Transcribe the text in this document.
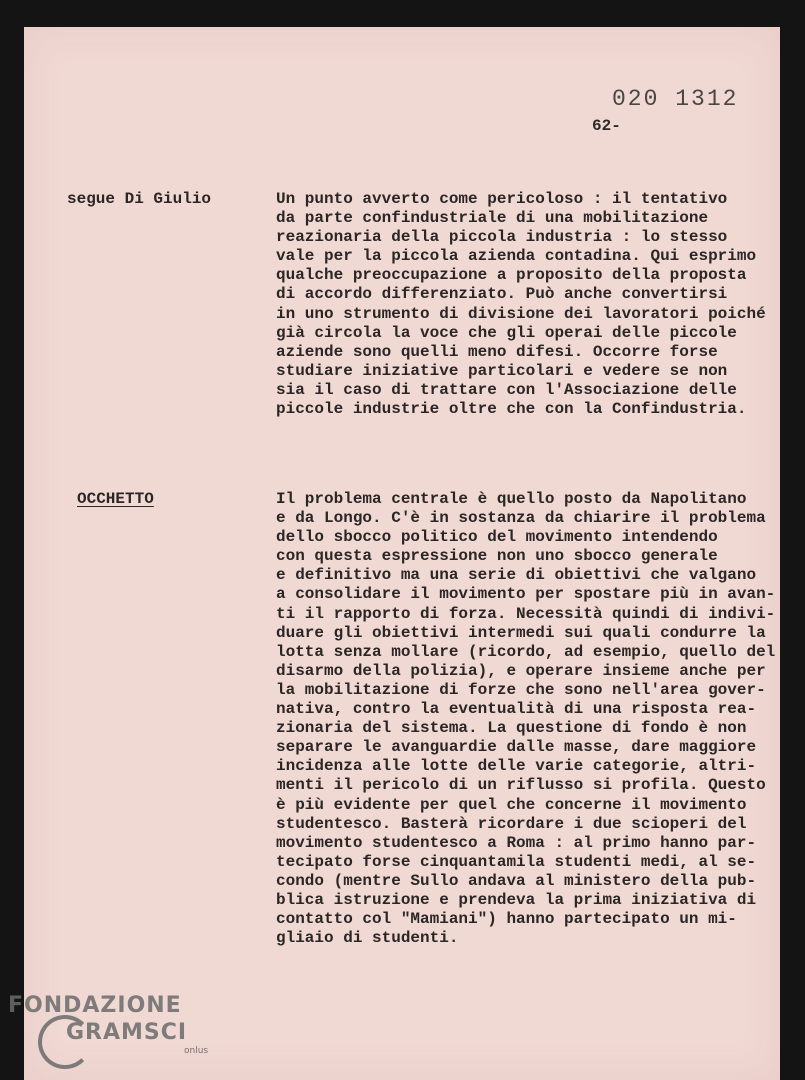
020 1312
62-
segue Di Giulio	Un punto avverto come pericoloso : il tentativo
da parte confindustriale di una mobilitazione
reazionaria della piccola industria : lo stesso
vale per la piccola azienda contadina. Qui esprimo
qualche preoccupazione a proposito della proposta
di accordo differenziato. Può anche convertirsi
in uno strumento di divisione dei lavoratori poiché
già circola la voce che gli operai delle piccole
aziende sono quelli meno difesi. Occorre forse
studiare iniziative particolari e vedere se non
sia il caso di trattare con l'Associazione delle
piccole industrie oltre che con la Confindustria.
OCCHETTO	Il problema centrale è quello posto da Napolitano
e da Longo. C'è in sostanza da chiarire il problema
dello sbocco politico del movimento intendendo
con questa espressione non uno sbocco generale
e definitivo ma una serie di obiettivi che valgano
a consolidare il movimento per spostare più in avan-
ti il rapporto di forza. Necessità quindi di indivi-
duare gli obiettivi intermedi sui quali condurre la
lotta senza mollare (ricordo, ad esempio, quello del
disarmo della polizia), e operare insieme anche per
la mobilitazione di forze che sono nell'area gover-
nativa, contro la eventualità di una risposta rea-
zionaria del sistema. La questione di fondo è non
separare le avanguardie dalle masse, dare maggiore
incidenza alle lotte delle varie categorie, altri-
menti il pericolo di un riflusso si profila. Questo
è più evidente per quel che concerne il movimento
studentesco. Basterà ricordare i due scioperi del
movimento studentesco a Roma : al primo hanno par-
tecipato forse cinquantamila studenti medi, al se-
condo (mentre Sullo andava al ministero della pub-
blica istruzione e prendeva la prima iniziativa di
contatto col "Mamiani") hanno partecipato un mi-
gliaio di studenti.
FONDAZIONE
GRAMSCI
onlus
